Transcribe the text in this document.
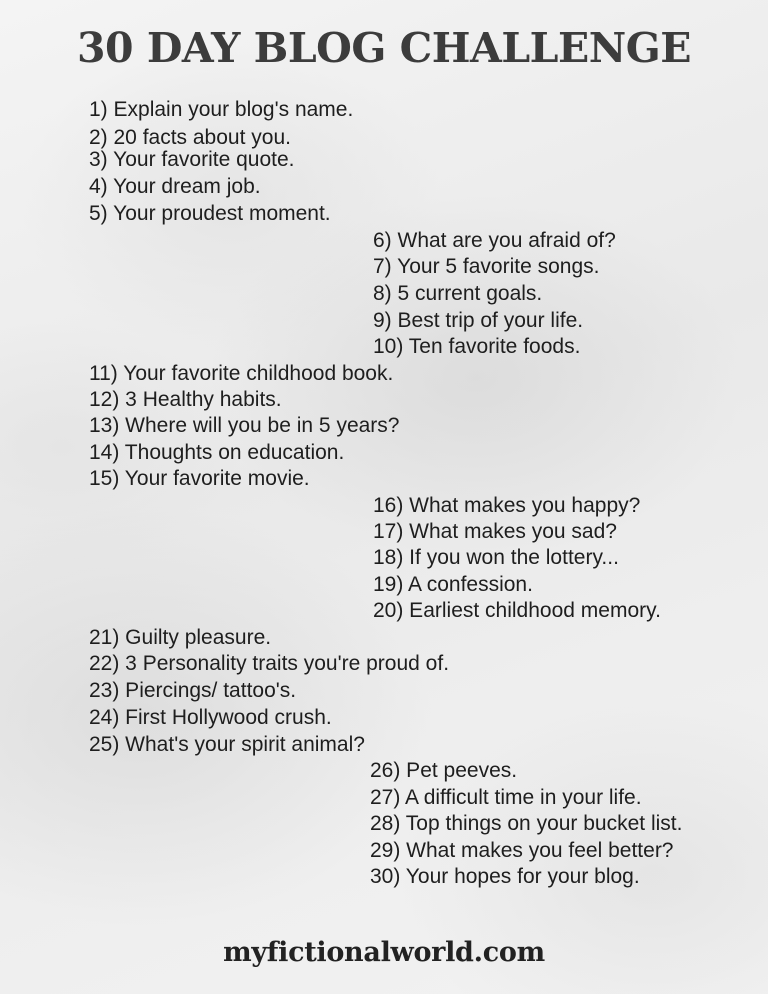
30 DAY BLOG CHALLENGE
1) Explain your blog's name.
2) 20 facts about you.
3) Your favorite quote.
4) Your dream job.
5) Your proudest moment.
6) What are you afraid of?
7) Your 5 favorite songs.
8) 5 current goals.
9) Best trip of your life.
10) Ten favorite foods.
11) Your favorite childhood book.
12) 3 Healthy habits.
13) Where will you be in 5 years?
14) Thoughts on education.
15) Your favorite movie.
16) What makes you happy?
17) What makes you sad?
18) If you won the lottery...
19) A confession.
20) Earliest childhood memory.
21) Guilty pleasure.
22) 3 Personality traits you're proud of.
23) Piercings/ tattoo's.
24) First Hollywood crush.
25) What's your spirit animal?
26) Pet peeves.
27) A difficult time in your life.
28) Top things on your bucket list.
29) What makes you feel better?
30) Your hopes for your blog.
myfictionalworld.com
